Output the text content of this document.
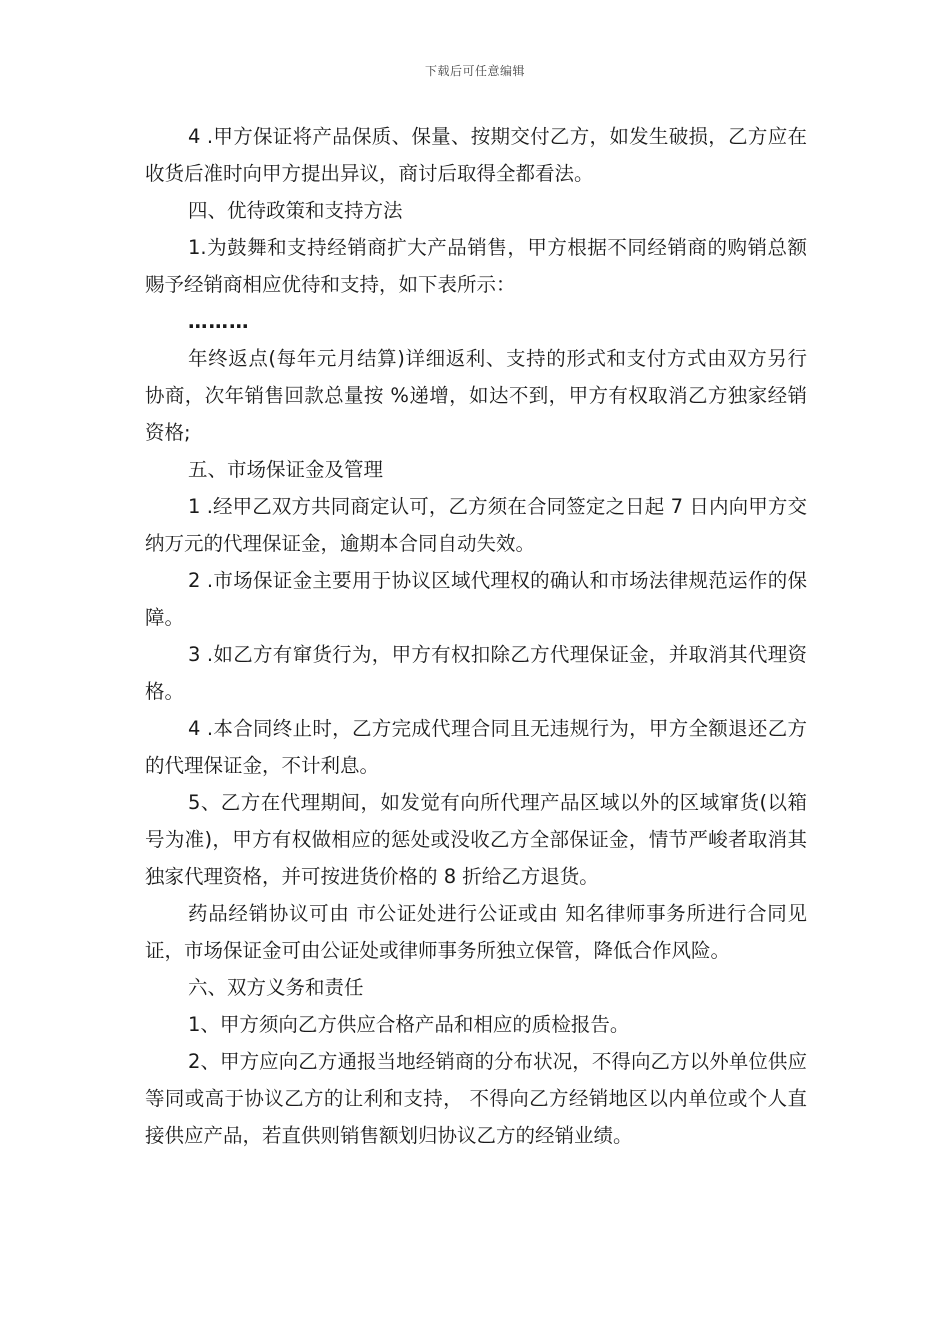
下载后可任意编辑

4 .甲方保证将产品保质、保量、按期交付乙方，如发生破损，乙方应在收货后准时向甲方提出异议，商讨后取得全都看法。

四、优待政策和支持方法

1.为鼓舞和支持经销商扩大产品销售，甲方根据不同经销商的购销总额赐予经销商相应优待和支持，如下表所示：

………

年终返点(每年元月结算)详细返利、支持的形式和支付方式由双方另行协商，次年销售回款总量按 %递增，如达不到，甲方有权取消乙方独家经销资格;

五、市场保证金及管理

1 .经甲乙双方共同商定认可，乙方须在合同签定之日起 7 日内向甲方交纳万元的代理保证金，逾期本合同自动失效。

2 .市场保证金主要用于协议区域代理权的确认和市场法律规范运作的保障。

3 .如乙方有窜货行为，甲方有权扣除乙方代理保证金，并取消其代理资格。

4 .本合同终止时，乙方完成代理合同且无违规行为，甲方全额退还乙方的代理保证金，不计利息。

5、乙方在代理期间，如发觉有向所代理产品区域以外的区域窜货(以箱号为准)，甲方有权做相应的惩处或没收乙方全部保证金，情节严峻者取消其独家代理资格，并可按进货价格的 8 折给乙方退货。

药品经销协议可由 市公证处进行公证或由 知名律师事务所进行合同见证，市场保证金可由公证处或律师事务所独立保管，降低合作风险。

六、双方义务和责任

1、甲方须向乙方供应合格产品和相应的质检报告。

2、甲方应向乙方通报当地经销商的分布状况，不得向乙方以外单位供应等同或高于协议乙方的让利和支持， 不得向乙方经销地区以内单位或个人直接供应产品，若直供则销售额划归协议乙方的经销业绩。
